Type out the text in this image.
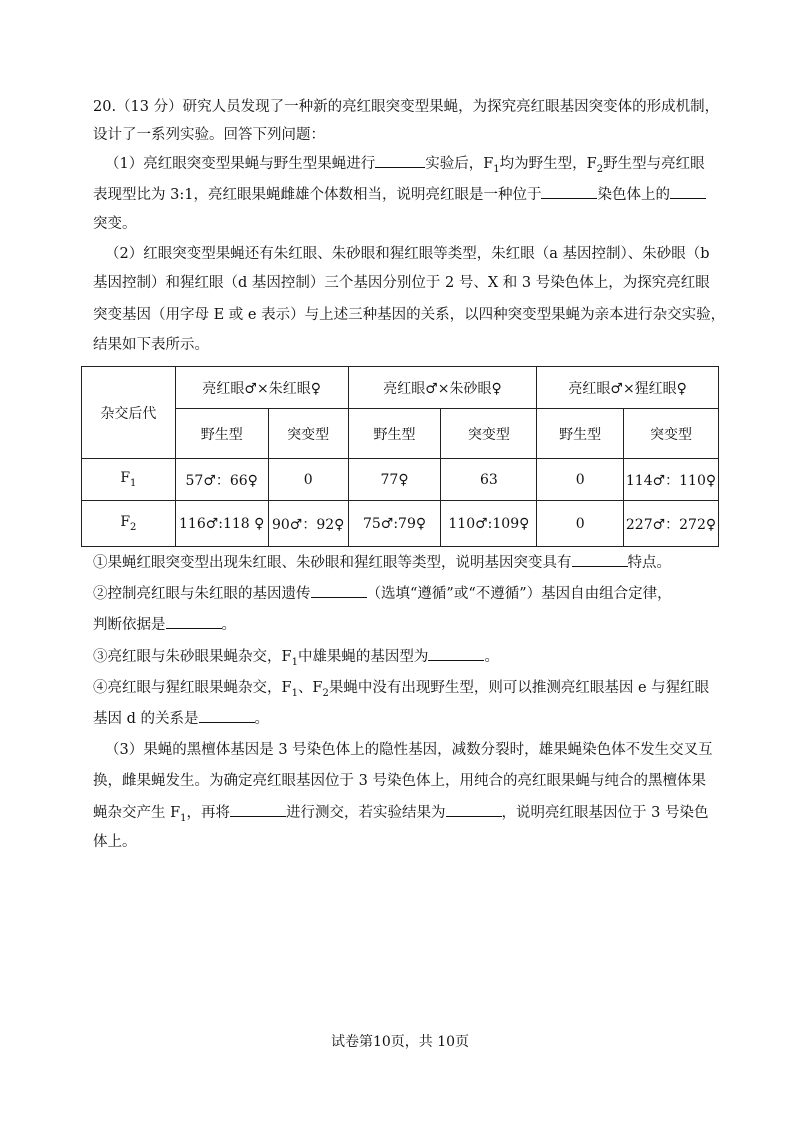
20.（13 分）研究人员发现了一种新的亮红眼突变型果蝇，为探究亮红眼基因突变体的形成机制，
设计了一系列实验。回答下列问题：
（1）亮红眼突变型果蝇与野生型果蝇进行	实验后，$F_1$均为野生型，$F_2$野生型与亮红眼
表现型比为 3:1，亮红眼果蝇雌雄个体数相当，说明亮红眼是一种位于	染色体上的
突变。
（2）红眼突变型果蝇还有朱红眼、朱砂眼和猩红眼等类型，朱红眼（a 基因控制）、朱砂眼（b
基因控制）和猩红眼（d 基因控制）三个基因分别位于 2 号、X 和 3 号染色体上，为探究亮红眼
突变基因（用字母 E 或 e 表示）与上述三种基因的关系，以四种突变型果蝇为亲本进行杂交实验，
结果如下表所示。
杂交后代	亮红眼♂×朱红眼♀		亮红眼♂×朱砂眼♀		亮红眼♂×猩红眼♀	
	野生型	突变型	野生型	突变型	野生型	突变型
$F_1$	57♂：66♀	0	77♀	63	0	114♂：110♀
$F_2$	116♂:118 ♀	90♂：92♀	75♂:79♀	110♂:109♀	0	227♂：272♀
①果蝇红眼突变型出现朱红眼、朱砂眼和猩红眼等类型，说明基因突变具有	特点。
②控制亮红眼与朱红眼的基因遗传	（选填“遵循”或“不遵循”）基因自由组合定律，
判断依据是	。
③亮红眼与朱砂眼果蝇杂交，$F_1$中雄果蝇的基因型为	。
④亮红眼与猩红眼果蝇杂交，$F_1$、$F_2$果蝇中没有出现野生型，则可以推测亮红眼基因 e 与猩红眼
基因 d 的关系是	。
（3）果蝇的黑檀体基因是 3 号染色体上的隐性基因，减数分裂时，雄果蝇染色体不发生交叉互
换，雌果蝇发生。为确定亮红眼基因位于 3 号染色体上，用纯合的亮红眼果蝇与纯合的黑檀体果
蝇杂交产生 $F_1$，再将	进行测交，若实验结果为	，说明亮红眼基因位于 3 号染色
体上。
试卷第10页，共 10页
